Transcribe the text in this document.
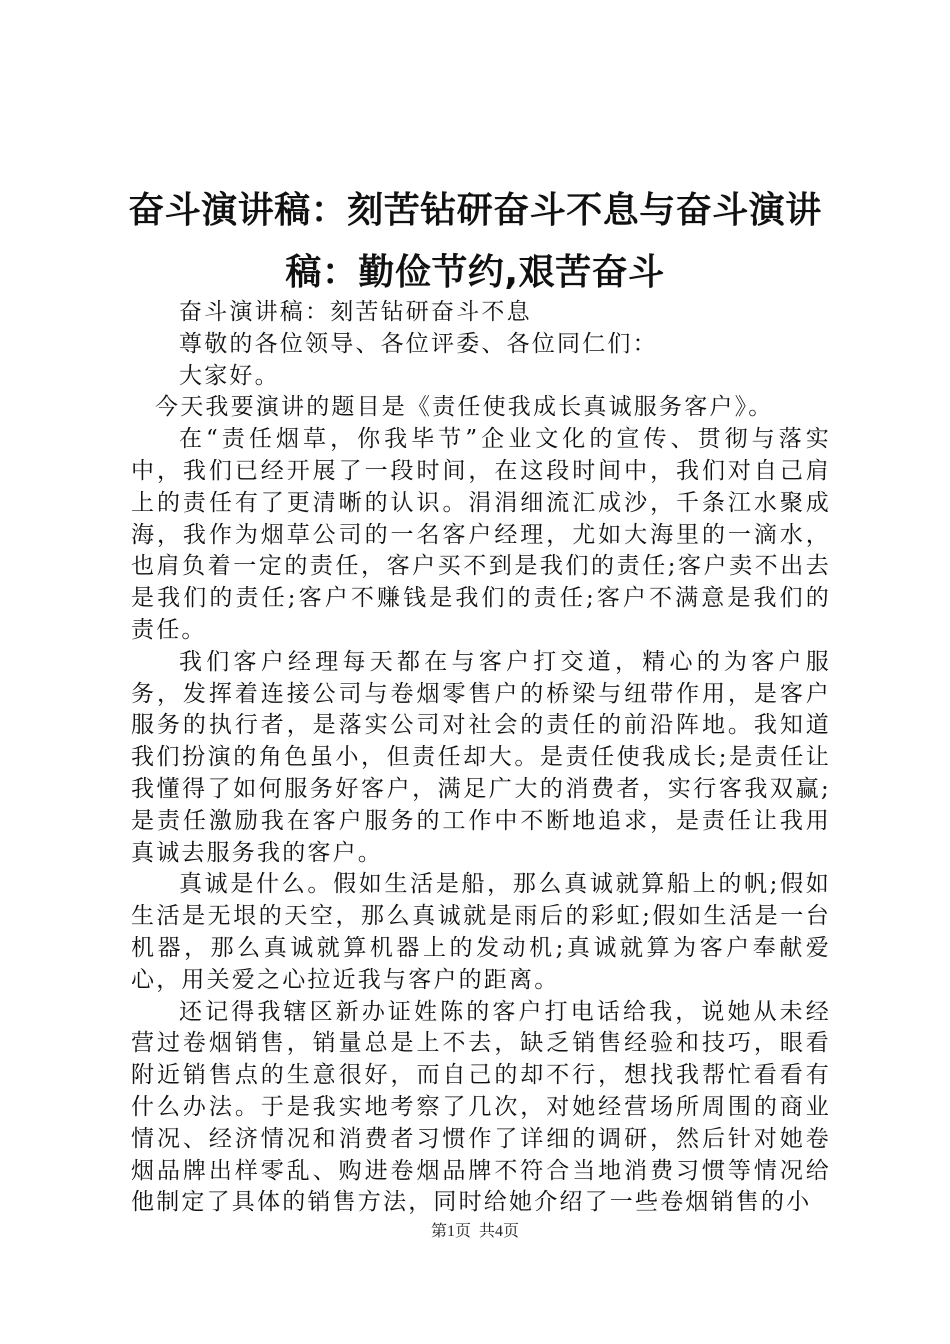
奋斗演讲稿：刻苦钻研奋斗不息与奋斗演讲稿：勤俭节约,艰苦奋斗

奋斗演讲稿：刻苦钻研奋斗不息

尊敬的各位领导、各位评委、各位同仁们：

大家好。

今天我要演讲的题目是《责任使我成长真诚服务客户》。

在“责任烟草，你我毕节”企业文化的宣传、贯彻与落实中，我们已经开展了一段时间，在这段时间中，我们对自己肩上的责任有了更清晰的认识。涓涓细流汇成沙，千条江水聚成海，我作为烟草公司的一名客户经理，尤如大海里的一滴水，也肩负着一定的责任，客户买不到是我们的责任;客户卖不出去是我们的责任;客户不赚钱是我们的责任;客户不满意是我们的责任。

我们客户经理每天都在与客户打交道，精心的为客户服务，发挥着连接公司与卷烟零售户的桥梁与纽带作用，是客户服务的执行者，是落实公司对社会的责任的前沿阵地。我知道我们扮演的角色虽小，但责任却大。是责任使我成长;是责任让我懂得了如何服务好客户，满足广大的消费者，实行客我双赢;是责任激励我在客户服务的工作中不断地追求，是责任让我用真诚去服务我的客户。

真诚是什么。假如生活是船，那么真诚就算船上的帆;假如生活是无垠的天空，那么真诚就是雨后的彩虹;假如生活是一台机器，那么真诚就算机器上的发动机;真诚就算为客户奉献爱心，用关爱之心拉近我与客户的距离。

还记得我辖区新办证姓陈的客户打电话给我，说她从未经营过卷烟销售，销量总是上不去，缺乏销售经验和技巧，眼看附近销售点的生意很好，而自己的却不行，想找我帮忙看看有什么办法。于是我实地考察了几次，对她经营场所周围的商业情况、经济情况和消费者习惯作了详细的调研，然后针对她卷烟品牌出样零乱、购进卷烟品牌不符合当地消费习惯等情况给他制定了具体的销售方法，同时给她介绍了一些卷烟销售的小

第1页 共4页
